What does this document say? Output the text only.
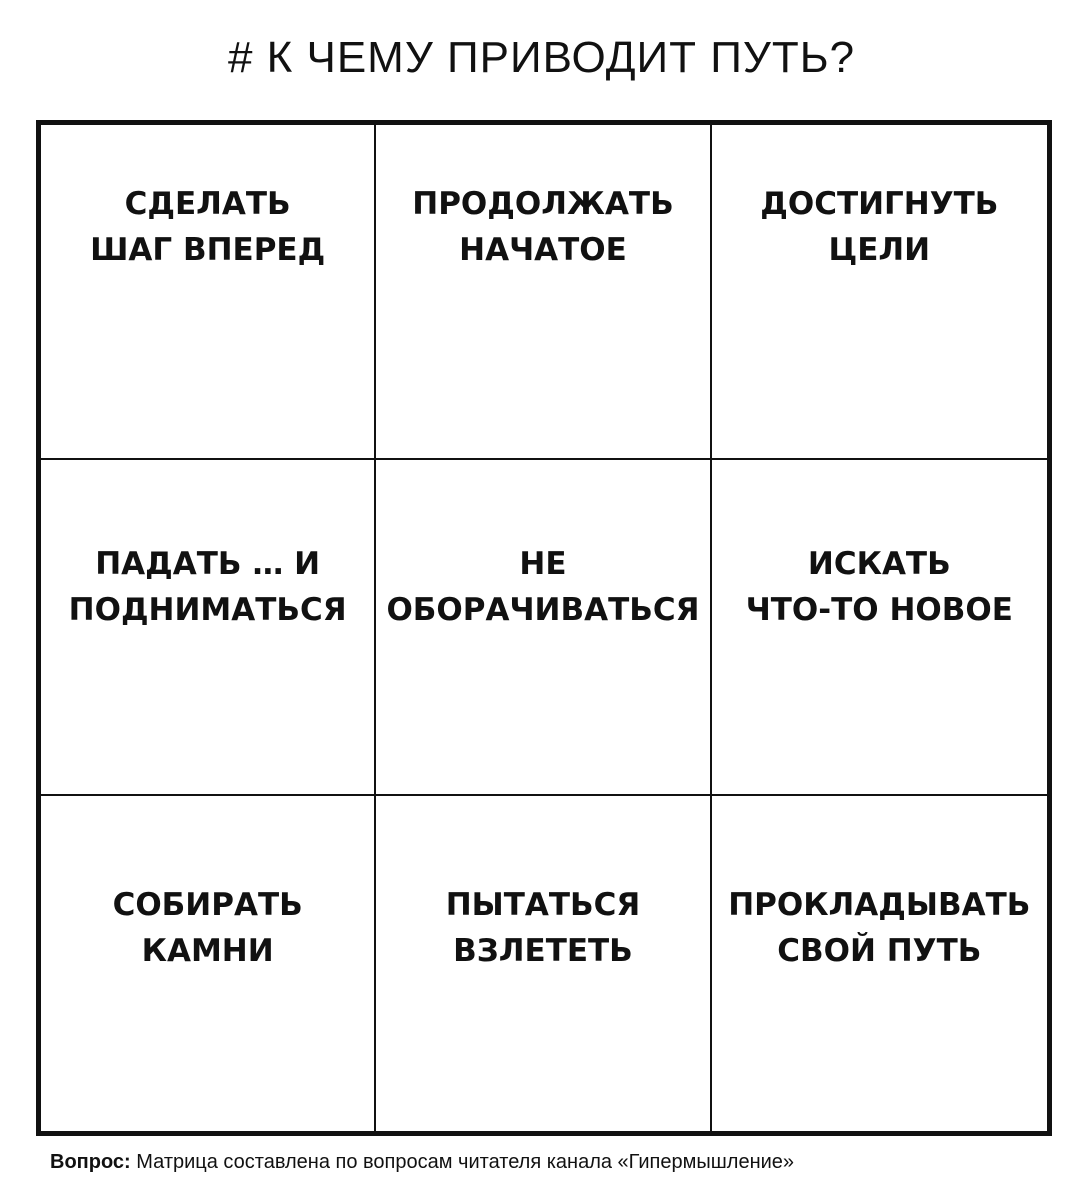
# К ЧЕМУ ПРИВОДИТ ПУТЬ?
СДЕЛАТЬ
ШАГ ВПЕРЕД
ПРОДОЛЖАТЬ
НАЧАТОЕ
ДОСТИГНУТЬ
ЦЕЛИ
ПАДАТЬ … И
ПОДНИМАТЬСЯ
НЕ
ОБОРАЧИВАТЬСЯ
ИСКАТЬ
ЧТО-ТО НОВОЕ
СОБИРАТЬ
КАМНИ
ПЫТАТЬСЯ
ВЗЛЕТЕТЬ
ПРОКЛАДЫВАТЬ
СВОЙ ПУТЬ
Вопрос: Матрица составлена по вопросам читателя канала «Гипермышление»
